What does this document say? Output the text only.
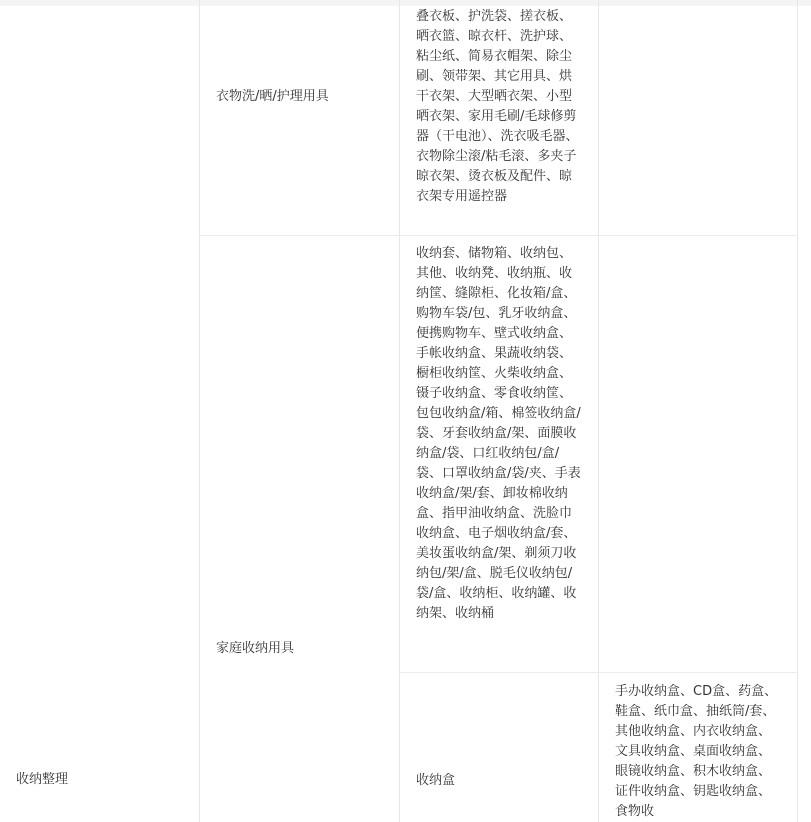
收纳整理
衣物洗/晒/护理用具
家庭收纳用具
叠衣板、护洗袋、搓衣板、晒衣篮、晾衣杆、洗护球、粘尘纸、简易衣帽架、除尘刷、领带架、其它用具、烘干衣架、大型晒衣架、小型晒衣架、家用毛刷/毛球修剪器（干电池）、洗衣吸毛器、衣物除尘滚/粘毛滚、多夹子晾衣架、烫衣板及配件、晾衣架专用遥控器
收纳套、储物箱、收纳包、其他、收纳凳、收纳瓶、收纳筐、缝隙柜、化妆箱/盒、购物车袋/包、乳牙收纳盒、便携购物车、壁式收纳盒、手帐收纳盒、果蔬收纳袋、橱柜收纳筐、火柴收纳盒、镊子收纳盒、零食收纳筐、包包收纳盒/箱、棉签收纳盒/袋、牙套收纳盒/架、面膜收纳盒/袋、口红收纳包/盒/袋、口罩收纳盒/袋/夹、手表收纳盒/架/套、卸妆棉收纳盒、指甲油收纳盒、洗脸巾收纳盒、电子烟收纳盒/套、美妆蛋收纳盒/架、剃须刀收纳包/架/盒、脱毛仪收纳包/袋/盒、收纳柜、收纳罐、收纳架、收纳桶
收纳盒
手办收纳盒、CD盒、药盒、鞋盒、纸巾盒、抽纸筒/套、其他收纳盒、内衣收纳盒、文具收纳盒、桌面收纳盒、眼镜收纳盒、积木收纳盒、证件收纳盒、钥匙收纳盒、食物收
